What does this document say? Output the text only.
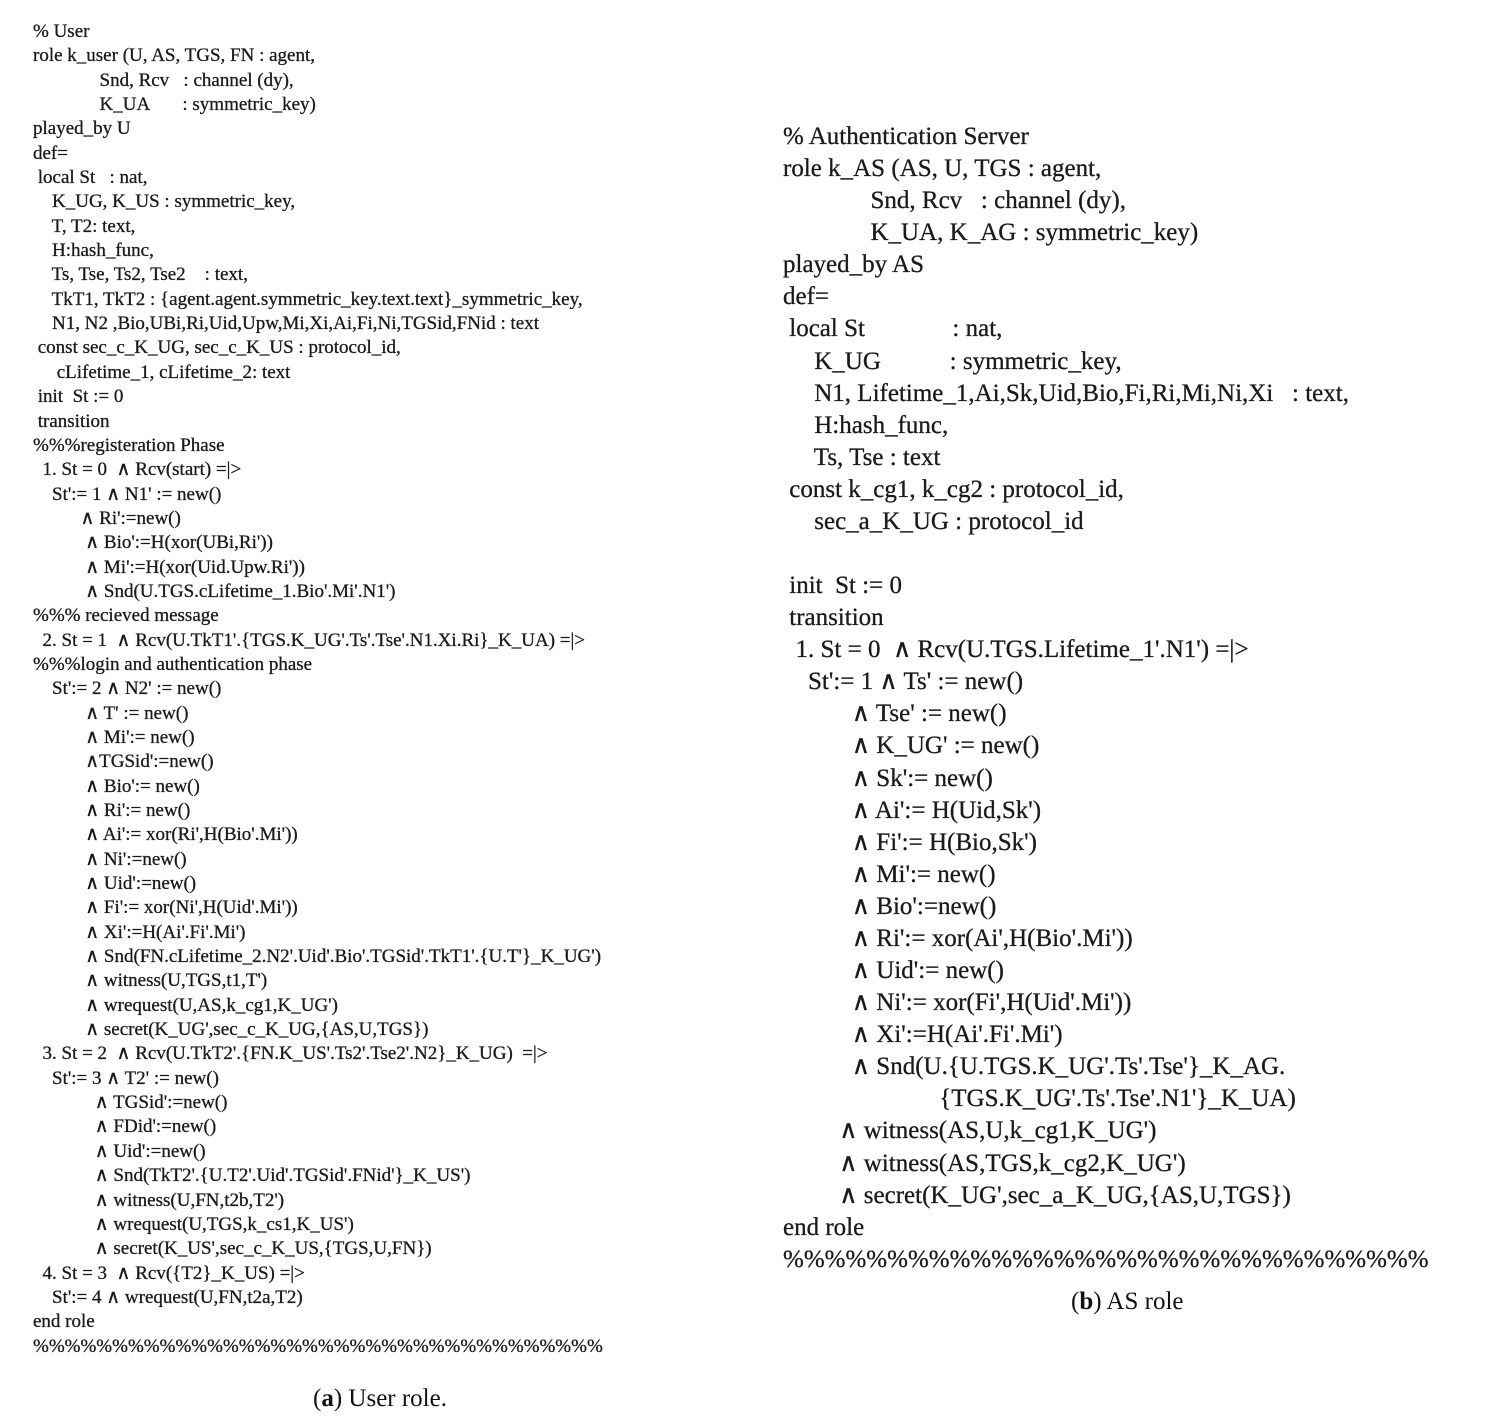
% User
role k_user (U, AS, TGS, FN : agent,
Snd, Rcv   : channel (dy),
K_UA       : symmetric_key)
played_by U
def=
local St   : nat,
K_UG, K_US : symmetric_key,
T, T2: text,
H:hash_func,
Ts, Tse, Ts2, Tse2    : text,
TkT1, TkT2 : {agent.agent.symmetric_key.text.text}_symmetric_key,
N1, N2 ,Bio,UBi,Ri,Uid,Upw,Mi,Xi,Ai,Fi,Ni,TGSid,FNid : text
const sec_c_K_UG, sec_c_K_US : protocol_id,
cLifetime_1, cLifetime_2: text
init  St := 0
transition
%%%registeration Phase
1. St = 0  ∧ Rcv(start) =|>
St':= 1 ∧ N1' := new()
∧ Ri':=new()
∧ Bio':=H(xor(UBi,Ri'))
∧ Mi':=H(xor(Uid.Upw.Ri'))
∧ Snd(U.TGS.cLifetime_1.Bio'.Mi'.N1')
%%% recieved message
2. St = 1  ∧ Rcv(U.TkT1'.{TGS.K_UG'.Ts'.Tse'.N1.Xi.Ri}_K_UA) =|>
%%%login and authentication phase
St':= 2 ∧ N2' := new()
∧ T' := new()
∧ Mi':= new()
∧TGSid':=new()
∧ Bio':= new()
∧ Ri':= new()
∧ Ai':= xor(Ri',H(Bio'.Mi'))
∧ Ni':=new()
∧ Uid':=new()
∧ Fi':= xor(Ni',H(Uid'.Mi'))
∧ Xi':=H(Ai'.Fi'.Mi')
∧ Snd(FN.cLifetime_2.N2'.Uid'.Bio'.TGSid'.TkT1'.{U.T'}_K_UG')
∧ witness(U,TGS,t1,T')
∧ wrequest(U,AS,k_cg1,K_UG')
∧ secret(K_UG',sec_c_K_UG,{AS,U,TGS})
3. St = 2  ∧ Rcv(U.TkT2'.{FN.K_US'.Ts2'.Tse2'.N2}_K_UG)  =|>
St':= 3 ∧ T2' := new()
∧ TGSid':=new()
∧ FDid':=new()
∧ Uid':=new()
∧ Snd(TkT2'.{U.T2'.Uid'.TGSid'.FNid'}_K_US')
∧ witness(U,FN,t2b,T2')
∧ wrequest(U,TGS,k_cs1,K_US')
∧ secret(K_US',sec_c_K_US,{TGS,U,FN})
4. St = 3  ∧ Rcv({T2}_K_US) =|>
St':= 4 ∧ wrequest(U,FN,t2a,T2)
end role
%%%%%%%%%%%%%%%%%%%%%%%%%%%%%%%%%%%%
% Authentication Server
role k_AS (AS, U, TGS : agent,
Snd, Rcv   : channel (dy),
K_UA, K_AG : symmetric_key)
played_by AS
def=
local St              : nat,
K_UG           : symmetric_key,
N1, Lifetime_1,Ai,Sk,Uid,Bio,Fi,Ri,Mi,Ni,Xi   : text,
H:hash_func,
Ts, Tse : text
const k_cg1, k_cg2 : protocol_id,
sec_a_K_UG : protocol_id

init  St := 0
transition
1. St = 0  ∧ Rcv(U.TGS.Lifetime_1'.N1') =|>
St':= 1 ∧ Ts' := new()
∧ Tse' := new()
∧ K_UG' := new()
∧ Sk':= new()
∧ Ai':= H(Uid,Sk')
∧ Fi':= H(Bio,Sk')
∧ Mi':= new()
∧ Bio':=new()
∧ Ri':= xor(Ai',H(Bio'.Mi'))
∧ Uid':= new()
∧ Ni':= xor(Fi',H(Uid'.Mi'))
∧ Xi':=H(Ai'.Fi'.Mi')
∧ Snd(U.{U.TGS.K_UG'.Ts'.Tse'}_K_AG.
{TGS.K_UG'.Ts'.Tse'.N1'}_K_UA)
∧ witness(AS,U,k_cg1,K_UG')
∧ witness(AS,TGS,k_cg2,K_UG')
∧ secret(K_UG',sec_a_K_UG,{AS,U,TGS})
end role
%%%%%%%%%%%%%%%%%%%%%%%%%%%%%%%
(a) User role.
(b) AS role
